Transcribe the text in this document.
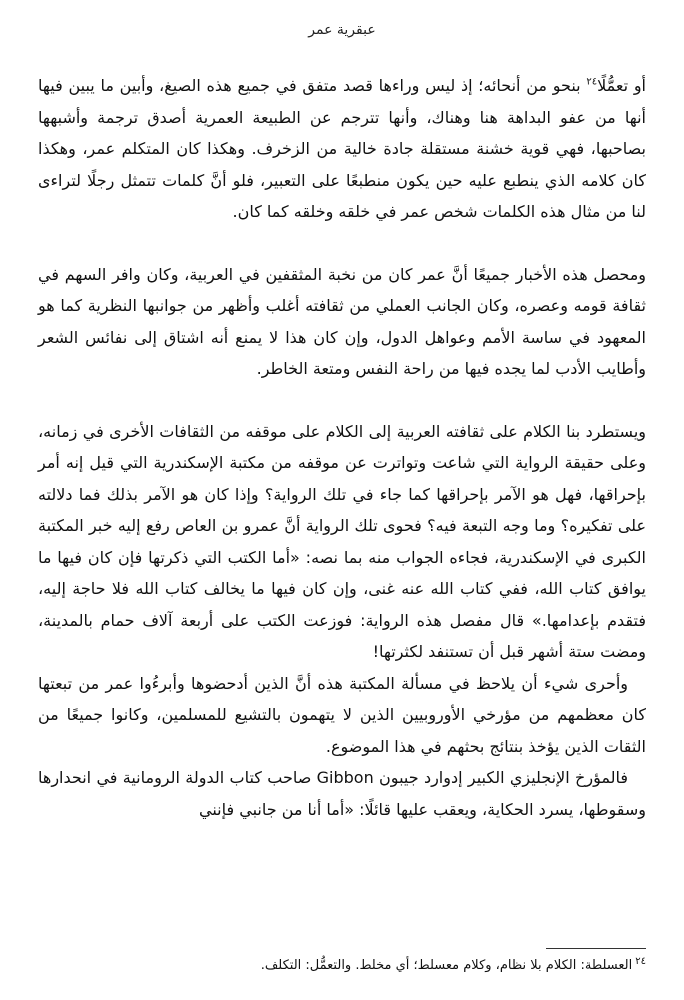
عبقرية عمر

أو تعمُّلًا$^{٢٤}$ بنحو من أنحائه؛ إذ ليس وراءها قصد متفق في جميع هذه الصيغ، وأبين ما يبين فيها أنها من عفو البداهة هنا وهناك، وأنها تترجم عن الطبيعة العمرية أصدق ترجمة وأشبهها بصاحبها، فهي قوية خشنة مستقلة جادة خالية من الزخرف. وهكذا كان المتكلم عمر، وهكذا كان كلامه الذي ينطبع عليه حين يكون منطبعًا على التعبير، فلو أنَّ كلمات تتمثل رجلًا لتراءى لنا من مثال هذه الكلمات شخص عمر في خلقه وخلقه كما كان.

ومحصل هذه الأخبار جميعًا أنَّ عمر كان من نخبة المثقفين في العربية، وكان وافر السهم في ثقافة قومه وعصره، وكان الجانب العملي من ثقافته أغلب وأظهر من جوانبها النظرية كما هو المعهود في ساسة الأمم وعواهل الدول، وإن كان هذا لا يمنع أنه اشتاق إلى نفائس الشعر وأطايب الأدب لما يجده فيها من راحة النفس ومتعة الخاطر.

ويستطرد بنا الكلام على ثقافته العربية إلى الكلام على موقفه من الثقافات الأخرى في زمانه، وعلى حقيقة الرواية التي شاعت وتواترت عن موقفه من مكتبة الإسكندرية التي قيل إنه أمر بإحراقها، فهل هو الآمر بإحراقها كما جاء في تلك الرواية؟ وإذا كان هو الآمر بذلك فما دلالته على تفكيره؟ وما وجه التبعة فيه؟ فحوى تلك الرواية أنَّ عمرو بن العاص رفع إليه خبر المكتبة الكبرى في الإسكندرية، فجاءه الجواب منه بما نصه: «أما الكتب التي ذكرتها فإن كان فيها ما يوافق كتاب الله، ففي كتاب الله عنه غنى، وإن كان فيها ما يخالف كتاب الله فلا حاجة إليه، فتقدم بإعدامها.» قال مفصل هذه الرواية: فوزعت الكتب على أربعة آلاف حمام بالمدينة، ومضت ستة أشهر قبل أن تستنفد لكثرتها!

وأحرى شيء أن يلاحظ في مسألة المكتبة هذه أنَّ الذين أدحضوها وأبرءُوا عمر من تبعتها كان معظمهم من مؤرخي الأوروبيين الذين لا يتهمون بالتشيع للمسلمين، وكانوا جميعًا من الثقات الذين يؤخذ بنتائج بحثهم في هذا الموضوع.

فالمؤرخ الإنجليزي الكبير إدوارد جيبون Gibbon صاحب كتاب الدولة الرومانية في انحدارها وسقوطها، يسرد الحكاية، ويعقب عليها قائلًا: «أما أنا من جانبي فإنني

$^{٢٤}$العسلطة: الكلام بلا نظام، وكلام معسلط؛ أي مخلط. والتعمُّل: التكلف.
